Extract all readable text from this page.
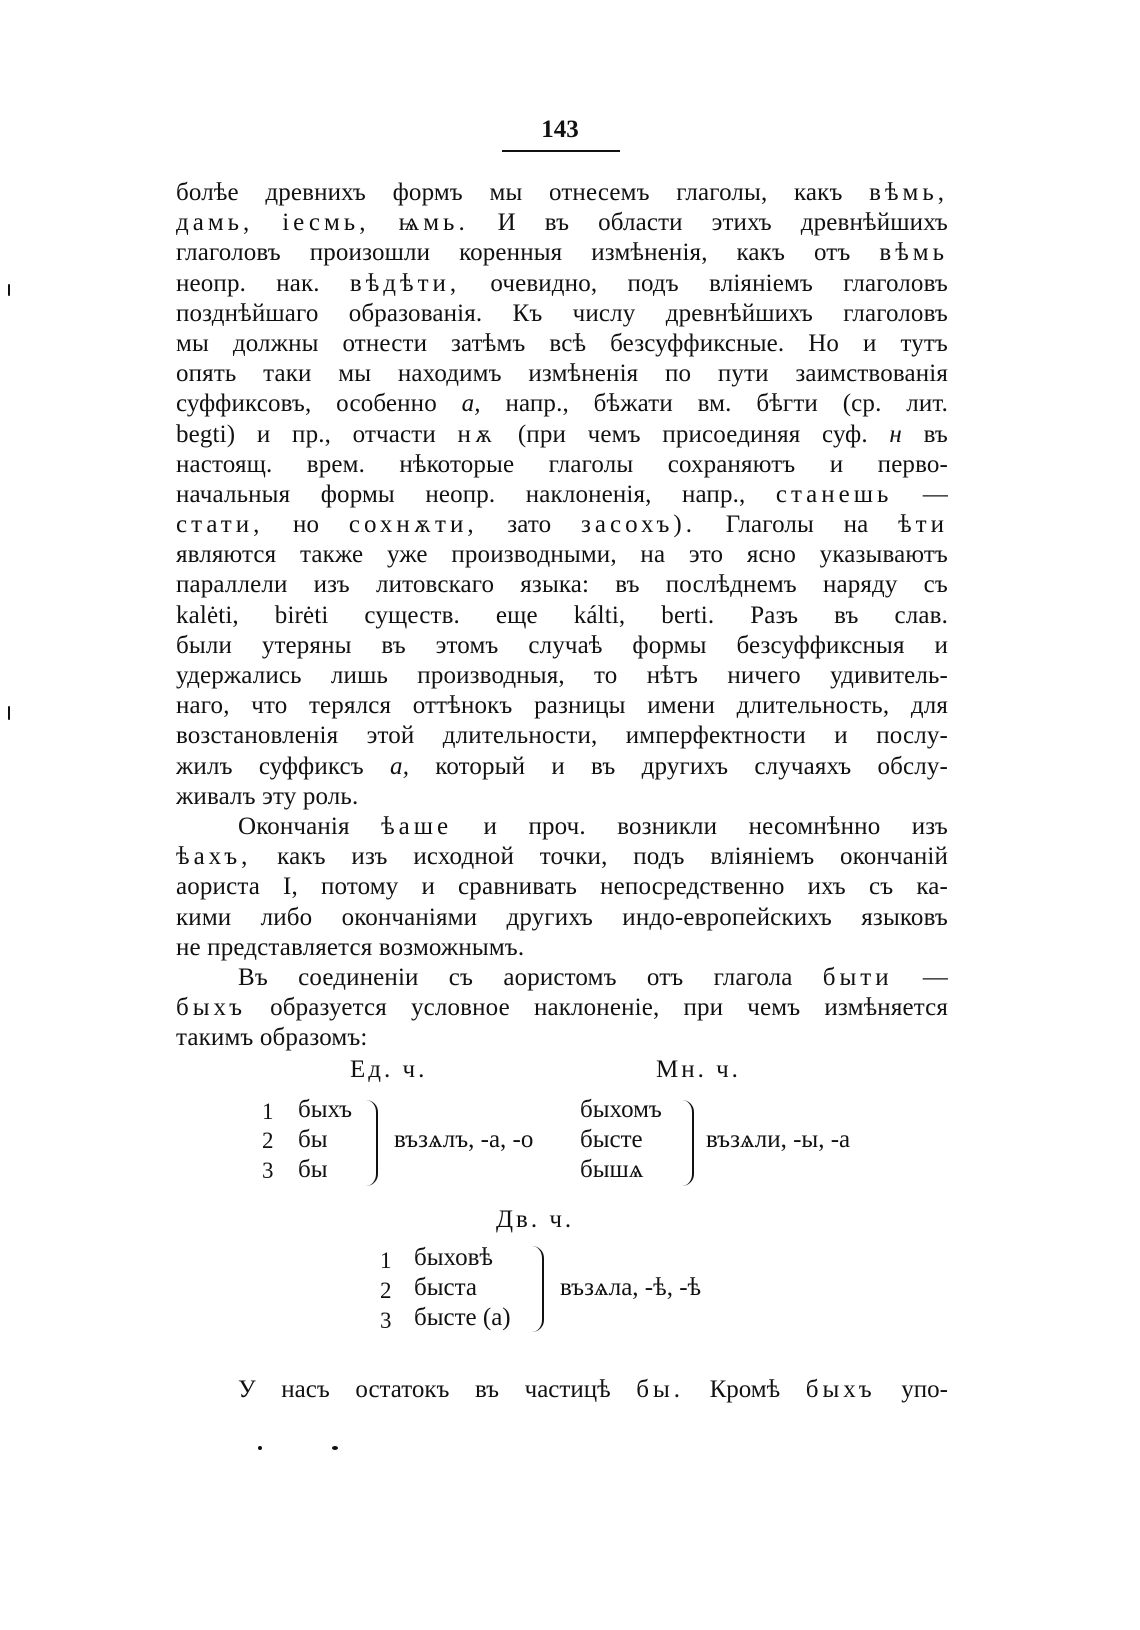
143
болѣе древнихъ формъ мы отнесемъ глаголы, какъ вѣмь,
дамь, іесмь, ѩмь. И въ области этихъ древнѣйшихъ
глаголовъ произошли коренныя измѣненія, какъ отъ вѣмь
неопр. нак. вѣдѣти, очевидно, подъ вліяніемъ глаголовъ
позднѣйшаго образованія. Къ числу древнѣйшихъ глаголовъ
мы должны отнести затѣмъ всѣ безсуффиксные. Но и тутъ
опять таки мы находимъ измѣненія по пути заимствованія
суффиксовъ, особенно а, напр., бѣжати вм. бѣгти (ср. лит.
begti) и пр., отчасти нѫ (при чемъ присоединяя суф. н въ
настоящ. врем. нѣкоторые глаголы сохраняютъ и перво-
начальныя формы неопр. наклоненія, напр., станешь —
стати, но сохнѫти, зато засохъ). Глаголы на ѣти
являются также уже производными, на это ясно указываютъ
параллели изъ литовскаго языка: въ послѣднемъ наряду съ
kalėti, birėti существ. еще kálti, berti. Разъ въ слав.
были утеряны въ этомъ случаѣ формы безсуффиксныя и
удержались лишь производныя, то нѣтъ ничего удивитель-
наго, что терялся оттѣнокъ разницы имени длительность, для
возстановленія этой длительности, имперфектности и послу-
жилъ суффиксъ а, который и въ другихъ случаяхъ обслу-
живалъ эту роль.
Окончанія ѣаше и проч. возникли несомнѣнно изъ
ѣахъ, какъ изъ исходной точки, подъ вліяніемъ окончаній
аориста I, потому и сравнивать непосредственно ихъ съ ка-
кими либо окончаніями другихъ индо-европейскихъ языковъ
не представляется возможнымъ.
Въ соединеніи съ аористомъ отъ глагола быти —
быхъ образуется условное наклоненіе, при чемъ измѣняется
такимъ образомъ:
Ед. ч.	Мн. ч.
1
2
3
быхъ
бы
бы
възѧлъ, -а, -о
быхомъ
быстe
бышѧ
възѧли, -ы, -а
Дв. ч.
1
2
3
быховѣ
быста
быстe (а)
възѧла, -ѣ, -ѣ
У насъ остатокъ въ частицѣ бы. Кромѣ быхъ упо-
